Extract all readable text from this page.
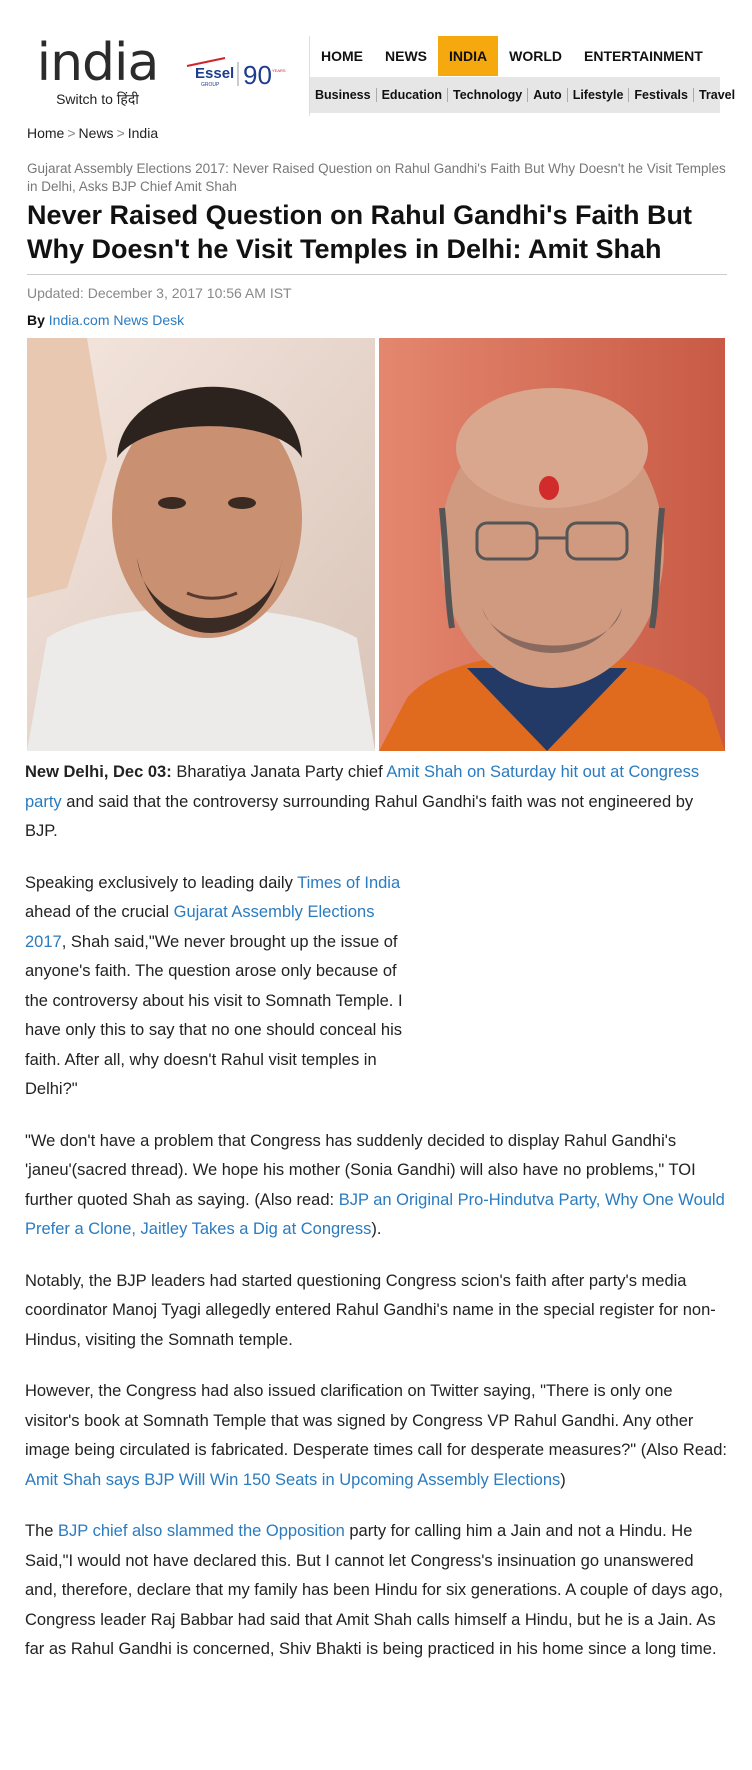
india
Switch to हिंदी
Essel
GROUP 90 YEARS
HOME	NEWS	INDIA	WORLD	ENTERTAINMENT
Business Education Technology Auto Lifestyle Festivals Travel
Home > News > India
Gujarat Assembly Elections 2017: Never Raised Question on Rahul Gandhi's Faith But Why Doesn't he Visit Temples in Delhi, Asks BJP Chief Amit Shah
Never Raised Question on Rahul Gandhi's Faith But Why Doesn't he Visit Temples in Delhi: Amit Shah
Updated: December 3, 2017 10:56 AM IST
By India.com News Desk

New Delhi, Dec 03: Bharatiya Janata Party chief Amit Shah on Saturday hit out at Congress party and said that the controversy surrounding Rahul Gandhi's faith was not engineered by BJP.

Speaking exclusively to leading daily Times of India ahead of the crucial Gujarat Assembly Elections 2017, Shah said,"We never brought up the issue of anyone's faith. The question arose only because of the controversy about his visit to Somnath Temple. I have only this to say that no one should conceal his faith. After all, why doesn't Rahul visit temples in Delhi?"

"We don't have a problem that Congress has suddenly decided to display Rahul Gandhi's 'janeu'(sacred thread). We hope his mother (Sonia Gandhi) will also have no problems," TOI further quoted Shah as saying. (Also read: BJP an Original Pro-Hindutva Party, Why One Would Prefer a Clone, Jaitley Takes a Dig at Congress).

Notably, the BJP leaders had started questioning Congress scion's faith after party's media coordinator Manoj Tyagi allegedly entered Rahul Gandhi's name in the special register for non-Hindus, visiting the Somnath temple.

However, the Congress had also issued clarification on Twitter saying, "There is only one visitor's book at Somnath Temple that was signed by Congress VP Rahul Gandhi. Any other image being circulated is fabricated. Desperate times call for desperate measures?" (Also Read: Amit Shah says BJP Will Win 150 Seats in Upcoming Assembly Elections)

The BJP chief also slammed the Opposition party for calling him a Jain and not a Hindu. He Said,"I would not have declared this. But I cannot let Congress's insinuation go unanswered and, therefore, declare that my family has been Hindu for six generations. A couple of days ago, Congress leader Raj Babbar had said that Amit Shah calls himself a Hindu, but he is a Jain. As far as Rahul Gandhi is concerned, Shiv Bhakti is being practiced in his home since a long time.
